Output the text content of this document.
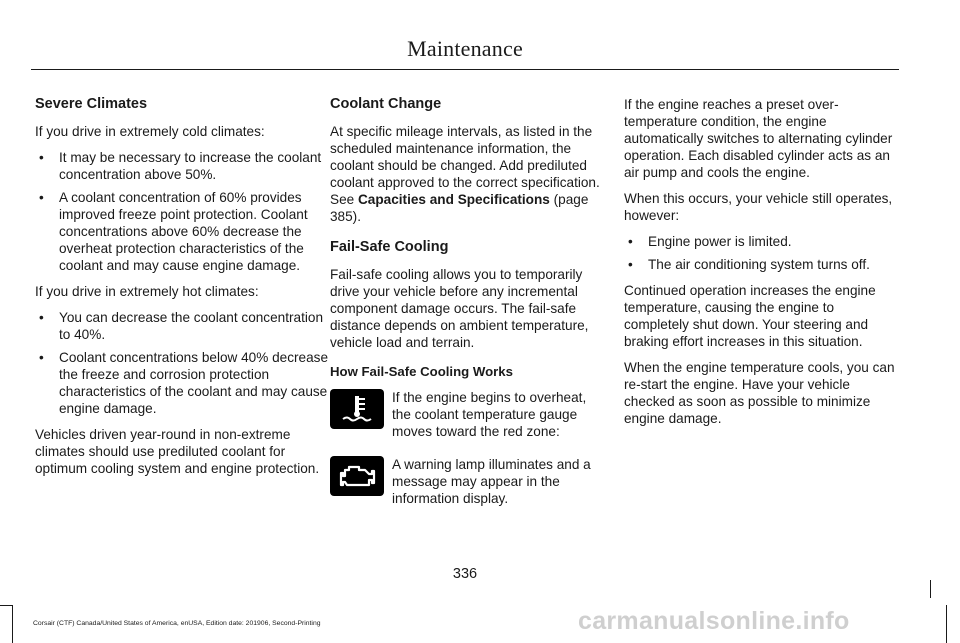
Maintenance
Severe Climates

If you drive in extremely cold climates:

• It may be necessary to increase the coolant concentration above 50%.
• A coolant concentration of 60% provides improved freeze point protection. Coolant concentrations above 60% decrease the overheat protection characteristics of the coolant and may cause engine damage.

If you drive in extremely hot climates:

• You can decrease the coolant concentration to 40%.
• Coolant concentrations below 40% decrease the freeze and corrosion protection characteristics of the coolant and may cause engine damage.

Vehicles driven year-round in non-extreme climates should use prediluted coolant for optimum cooling system and engine protection.

Coolant Change

At specific mileage intervals, as listed in the scheduled maintenance information, the coolant should be changed. Add prediluted coolant approved to the correct specification. See Capacities and Specifications (page 385).

Fail-Safe Cooling

Fail-safe cooling allows you to temporarily drive your vehicle before any incremental component damage occurs. The fail-safe distance depends on ambient temperature, vehicle load and terrain.

How Fail-Safe Cooling Works
If the engine begins to overheat, the coolant temperature gauge moves toward the red zone:
A warning lamp illuminates and a message may appear in the information display.

If the engine reaches a preset over-temperature condition, the engine automatically switches to alternating cylinder operation. Each disabled cylinder acts as an air pump and cools the engine.

When this occurs, your vehicle still operates, however:

• Engine power is limited.
• The air conditioning system turns off.

Continued operation increases the engine temperature, causing the engine to completely shut down. Your steering and braking effort increases in this situation.

When the engine temperature cools, you can re-start the engine. Have your vehicle checked as soon as possible to minimize engine damage.

336
Corsair (CTF) Canada/United States of America, enUSA, Edition date: 201906, Second-Printing	carmanualsonline.info
